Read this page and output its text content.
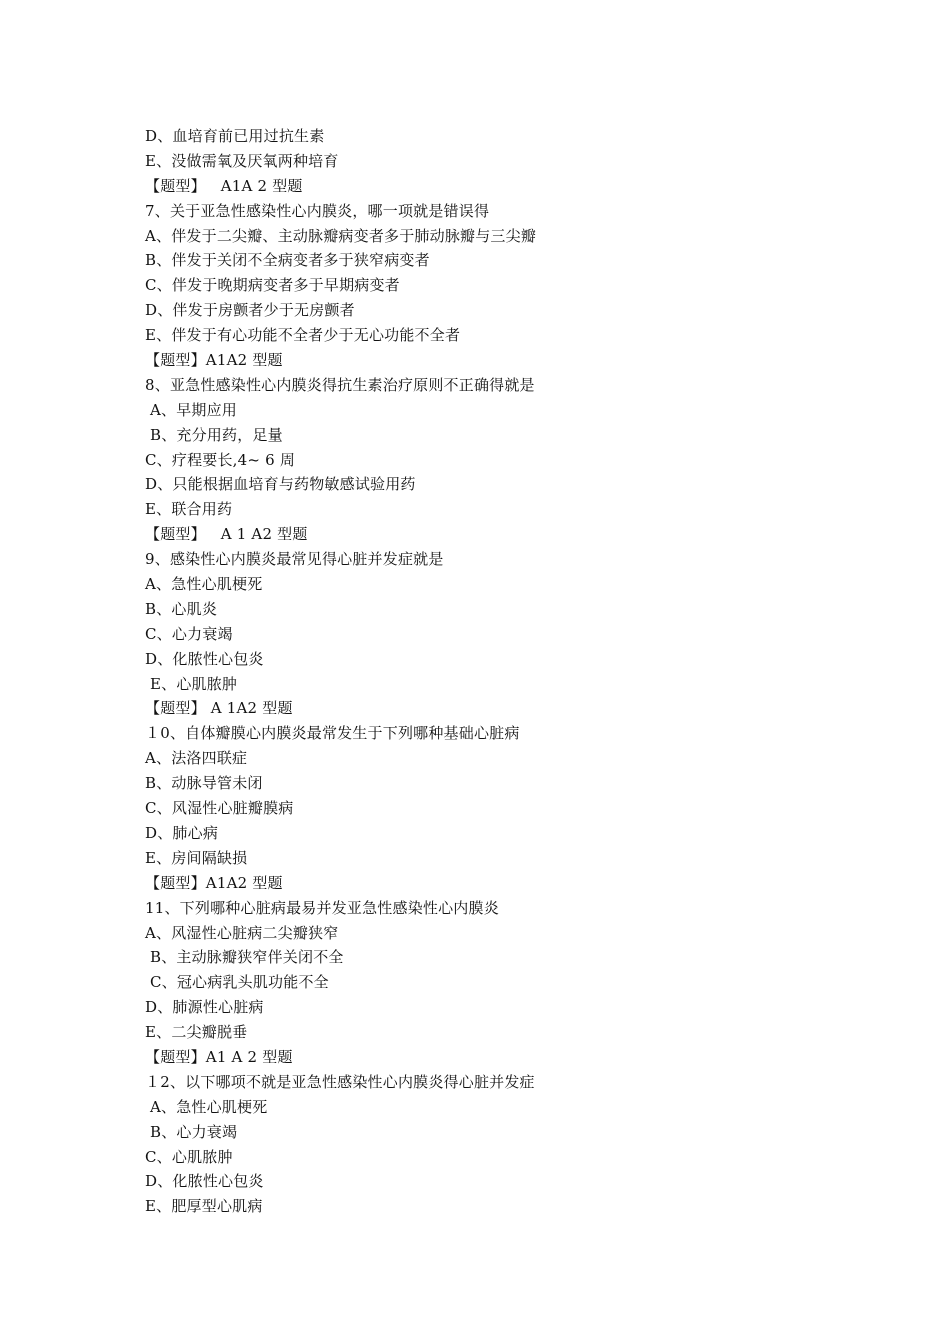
D、血培育前已用过抗生素
E、没做需氧及厌氧两种培育
【题型】   A1A 2 型题
7、关于亚急性感染性心内膜炎，哪一项就是错误得
A、伴发于二尖瓣、主动脉瓣病变者多于肺动脉瓣与三尖瓣
B、伴发于关闭不全病变者多于狭窄病变者
C、伴发于晚期病变者多于早期病变者
D、伴发于房颤者少于无房颤者
E、伴发于有心功能不全者少于无心功能不全者
【题型】A1A2 型题
8、亚急性感染性心内膜炎得抗生素治疗原则不正确得就是
A、早期应用
B、充分用药，足量
C、疗程要长,4~ 6 周
D、只能根据血培育与药物敏感试验用药
E、联合用药
【题型】   A 1 A2 型题
9、感染性心内膜炎最常见得心脏并发症就是
A、急性心肌梗死
B、心肌炎
C、心力衰竭
D、化脓性心包炎
E、心肌脓肿
【题型】 A 1A2 型题
１0、自体瓣膜心内膜炎最常发生于下列哪种基础心脏病
A、法洛四联症
B、动脉导管未闭
C、风湿性心脏瓣膜病
D、肺心病
E、房间隔缺损
【题型】A1A2 型题
11、下列哪种心脏病最易并发亚急性感染性心内膜炎
A、风湿性心脏病二尖瓣狭窄
B、主动脉瓣狭窄伴关闭不全
C、冠心病乳头肌功能不全
D、肺源性心脏病
E、二尖瓣脱垂
【题型】A1 A 2 型题
１2、以下哪项不就是亚急性感染性心内膜炎得心脏并发症
A、急性心肌梗死
B、心力衰竭
C、心肌脓肿
D、化脓性心包炎
E、肥厚型心肌病
